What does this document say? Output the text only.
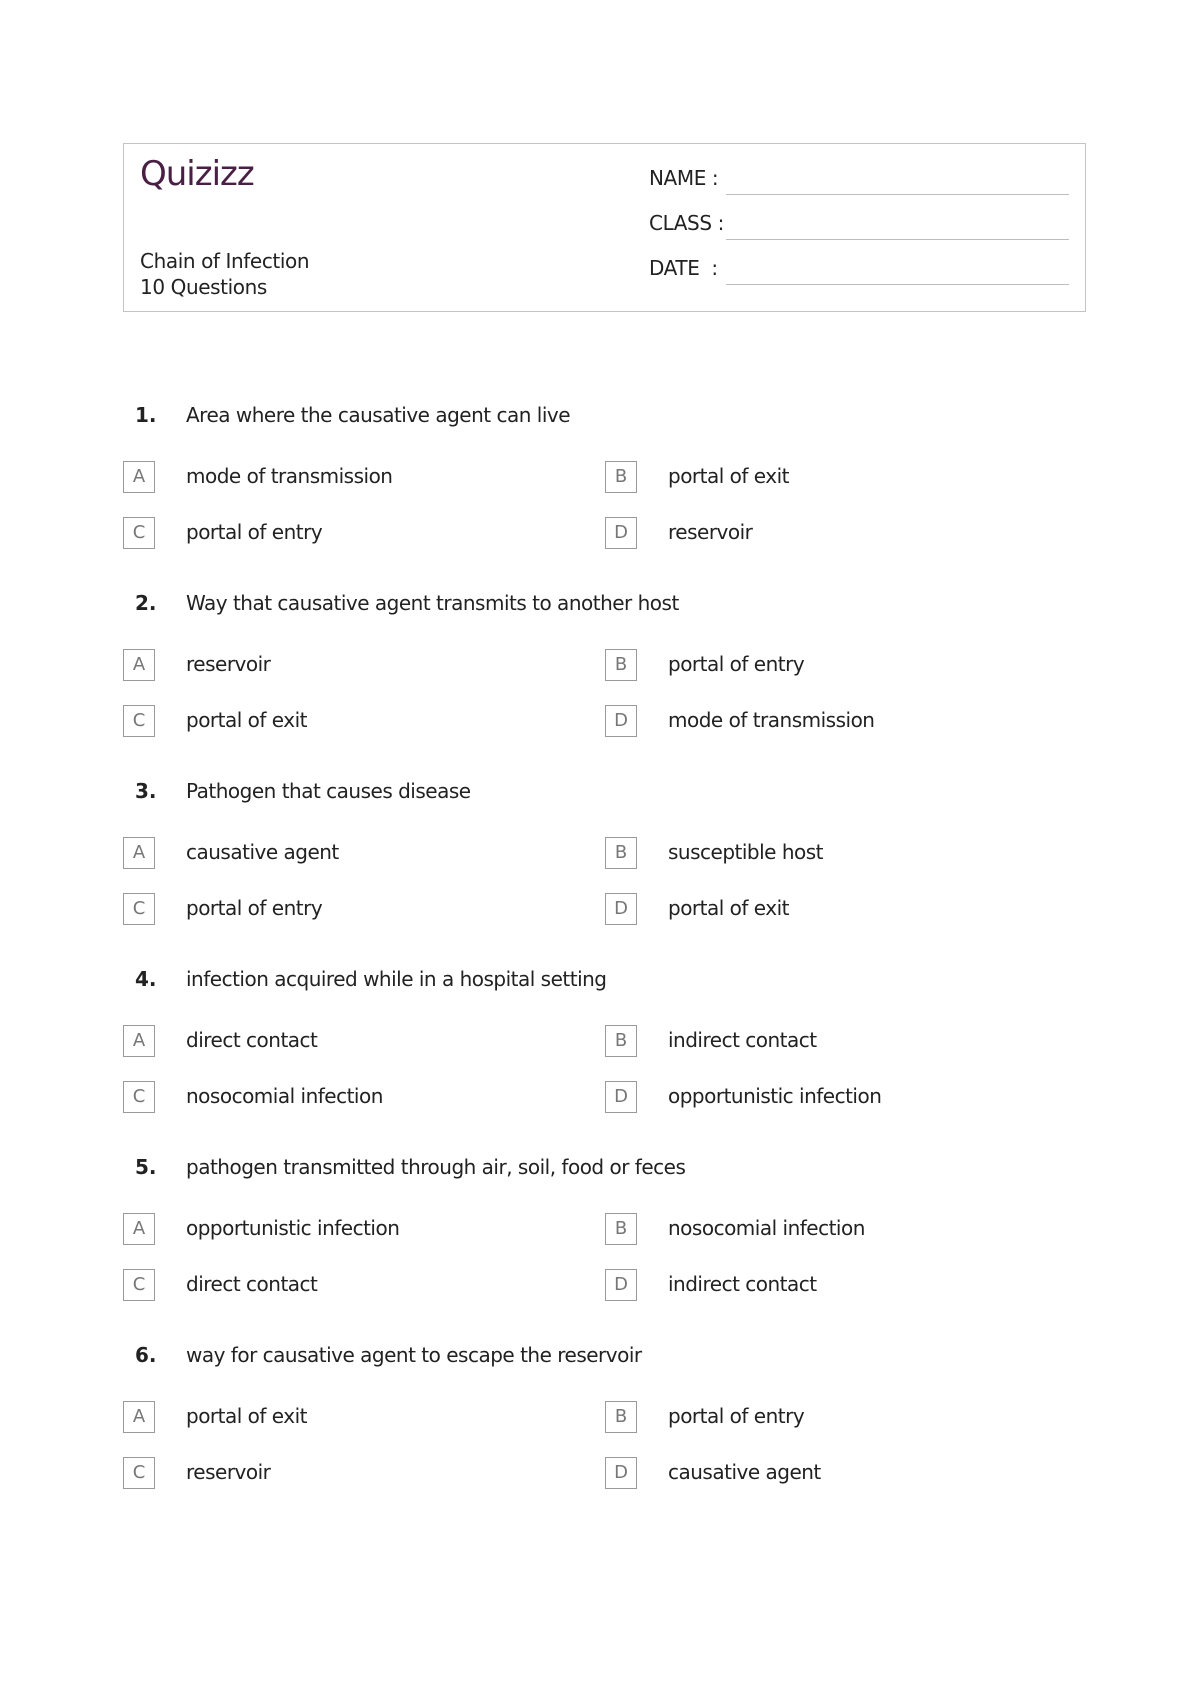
Quizizz
Chain of Infection
10 Questions
NAME :
CLASS :
DATE  :
1. Area where the causative agent can live
A	mode of transmission	B	portal of exit
C	portal of entry	D	reservoir
2. Way that causative agent transmits to another host
A	reservoir	B	portal of entry
C	portal of exit	D	mode of transmission
3. Pathogen that causes disease
A	causative agent	B	susceptible host
C	portal of entry	D	portal of exit
4. infection acquired while in a hospital setting
A	direct contact	B	indirect contact
C	nosocomial infection	D	opportunistic infection
5. pathogen transmitted through air, soil, food or feces
A	opportunistic infection	B	nosocomial infection
C	direct contact	D	indirect contact
6. way for causative agent to escape the reservoir
A	portal of exit	B	portal of entry
C	reservoir	D	causative agent
